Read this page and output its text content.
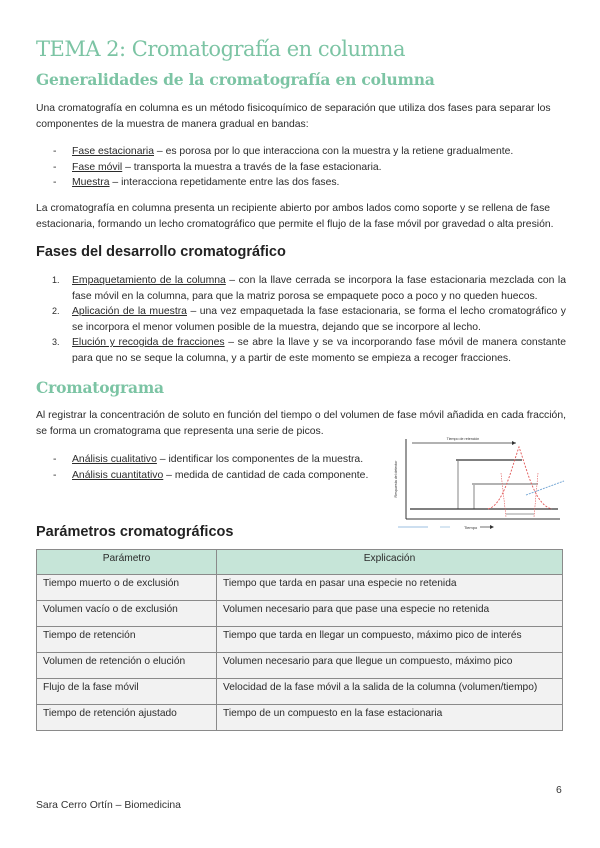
TEMA 2: Cromatografía en columna
Generalidades de la cromatografía en columna

Una cromatografía en columna es un método fisicoquímico de separación que utiliza dos fases para separar los componentes de la muestra de manera gradual en bandas:

- Fase estacionaria – es porosa por lo que interacciona con la muestra y la retiene gradualmente.
- Fase móvil – transporta la muestra a través de la fase estacionaria.
- Muestra – interacciona repetidamente entre las dos fases.

La cromatografía en columna presenta un recipiente abierto por ambos lados como soporte y se rellena de fase estacionaria, formando un lecho cromatográfico que permite el flujo de la fase móvil por gravedad o alta presión.

Fases del desarrollo cromatográfico
1. Empaquetamiento de la columna – con la llave cerrada se incorpora la fase estacionaria mezclada con la fase móvil en la columna, para que la matriz porosa se empaquete poco a poco y no queden huecos.
2. Aplicación de la muestra – una vez empaquetada la fase estacionaria, se forma el lecho cromatográfico y se incorpora el menor volumen posible de la muestra, dejando que se incorpore al lecho.
3. Elución y recogida de fracciones – se abre la llave y se va incorporando fase móvil de manera constante para que no se seque la columna, y a partir de este momento se empieza a recoger fracciones.
Cromatograma

Al registrar la concentración de soluto en función del tiempo o del volumen de fase móvil añadida en cada fracción, se forma un cromatograma que representa una serie de picos.

- Análisis cualitativo – identificar los componentes de la muestra.
- Análisis cuantitativo – medida de cantidad de cada componente.
Tiempo de retención
Tiempo
Respuesta del detector
Parámetros cromatográficos
Parámetro	Explicación
Tiempo muerto o de exclusión	Tiempo que tarda en pasar una especie no retenida
Volumen vacío o de exclusión	Volumen necesario para que pase una especie no retenida
Tiempo de retención	Tiempo que tarda en llegar un compuesto, máximo pico de interés
Volumen de retención o elución	Volumen necesario para que llegue un compuesto, máximo pico
Flujo de la fase móvil	Velocidad de la fase móvil a la salida de la columna (volumen/tiempo)
Tiempo de retención ajustado	Tiempo de un compuesto en la fase estacionaria
6
Sara Cerro Ortín – Biomedicina
